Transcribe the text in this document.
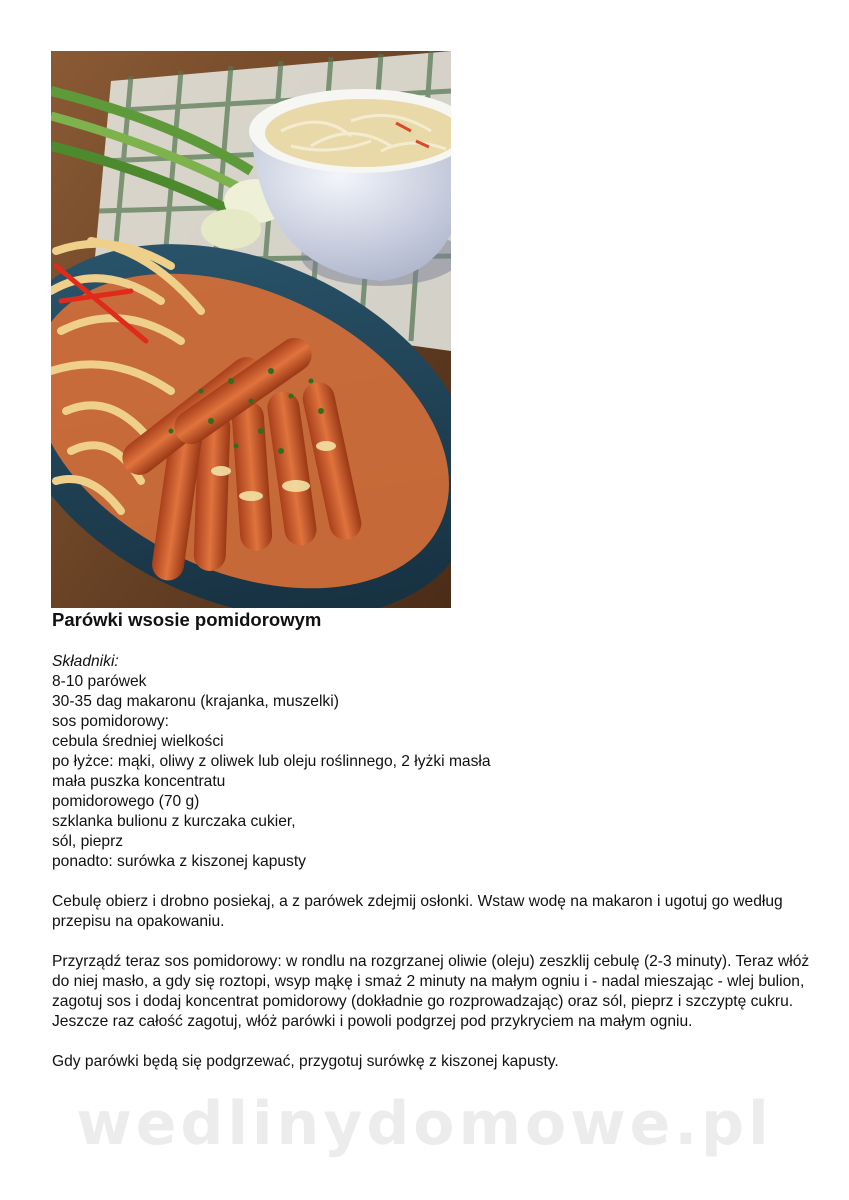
Parówki wsosie pomidorowym

Składniki:

8-10 parówek
30-35 dag makaronu (krajanka, muszelki)
sos pomidorowy:
cebula średniej wielkości
po łyżce: mąki, oliwy z oliwek lub oleju roślinnego, 2 łyżki masła
mała puszka koncentratu
pomidorowego (70 g)
szklanka bulionu z kurczaka cukier,
sól, pieprz
ponadto: surówka z kiszonej kapusty

Cebulę obierz i drobno posiekaj, a z parówek zdejmij osłonki. Wstaw wodę na makaron i ugotuj go według przepisu na opakowaniu.

Przyrządź teraz sos pomidorowy: w rondlu na rozgrzanej oliwie (oleju) zeszklij cebulę (2-3 minuty). Teraz włóż do niej masło, a gdy się roztopi, wsyp mąkę i smaż 2 minuty na małym ogniu i - nadal mieszając - wlej bulion, zagotuj sos i dodaj koncentrat pomidorowy (dokładnie go rozprowadzając) oraz sól, pieprz i szczyptę cukru. Jeszcze raz całość zagotuj, włóż parówki i powoli podgrzej pod przykryciem na małym ogniu.

Gdy parówki będą się podgrzewać, przygotuj surówkę z kiszonej kapusty.

wedlinydomowe.pl
